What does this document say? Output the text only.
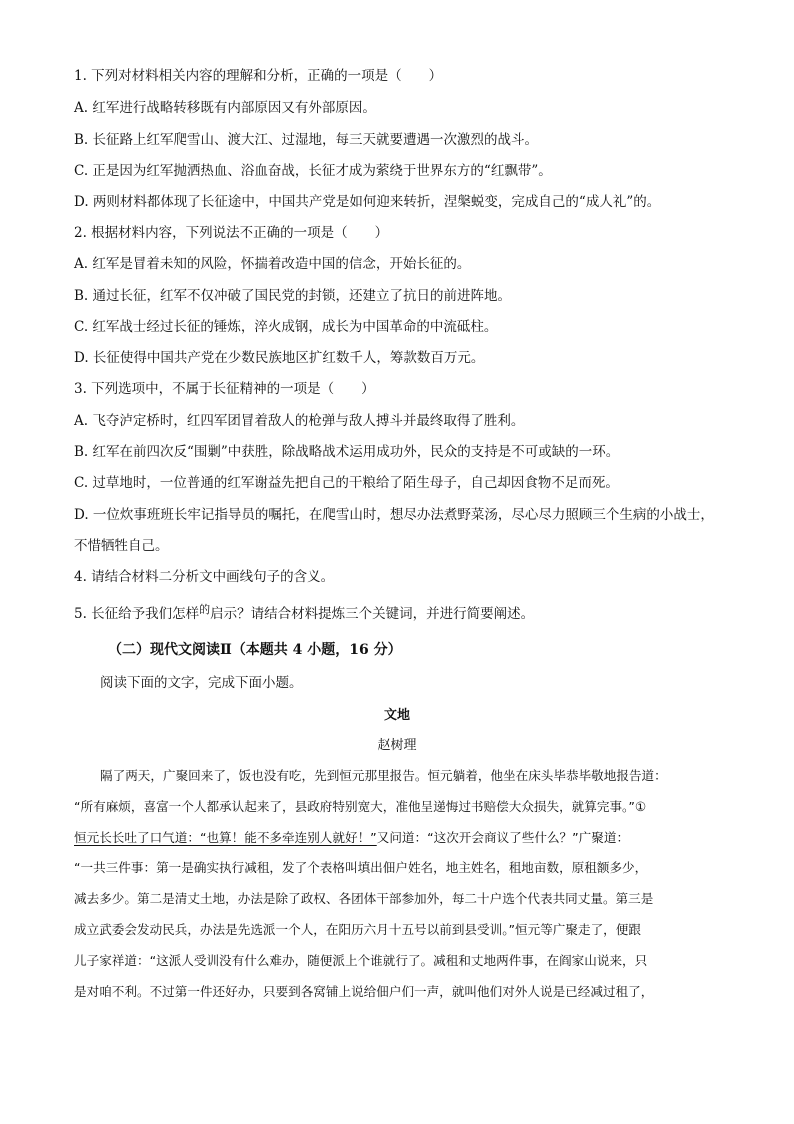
1. 下列对材料相关内容的理解和分析，正确的一项是（　　）
A. 红军进行战略转移既有内部原因又有外部原因。
B. 长征路上红军爬雪山、渡大江、过湿地，每三天就要遭遇一次激烈的战斗。
C. 正是因为红军抛洒热血、浴血奋战，长征才成为萦绕于世界东方的“红飘带”。
D. 两则材料都体现了长征途中，中国共产党是如何迎来转折，涅槃蜕变，完成自己的“成人礼”的。
2. 根据材料内容，下列说法不正确的一项是（　　）
A. 红军是冒着未知的风险，怀揣着改造中国的信念，开始长征的。
B. 通过长征，红军不仅冲破了国民党的封锁，还建立了抗日的前进阵地。
C. 红军战士经过长征的锤炼，淬火成钢，成长为中国革命的中流砥柱。
D. 长征使得中国共产党在少数民族地区扩红数千人，筹款数百万元。
3. 下列选项中，不属于长征精神的一项是（　　）
A. 飞夺泸定桥时，红四军团冒着敌人的枪弹与敌人搏斗并最终取得了胜利。
B. 红军在前四次反“围剿”中获胜，除战略战术运用成功外，民众的支持是不可或缺的一环。
C. 过草地时，一位普通的红军谢益先把自己的干粮给了陌生母子，自己却因食物不足而死。
D. 一位炊事班班长牢记指导员的嘱托，在爬雪山时，想尽办法煮野菜汤，尽心尽力照顾三个生病的小战士，
不惜牺牲自己。
4. 请结合材料二分析文中画线句子的含义。
5. 长征给予我们怎样$^的$启示？请结合材料提炼三个关键词，并进行简要阐述。
（二）现代文阅读Ⅱ（本题共 4 小题，16 分）
阅读下面的文字，完成下面小题。
文地
赵树理
隔了两天，广聚回来了，饭也没有吃，先到恒元那里报告。恒元躺着，他坐在床头毕恭毕敬地报告道：
“所有麻烦，喜富一个人都承认起来了，县政府特别宽大，准他呈递悔过书赔偿大众损失，就算完事。”①
恒元长长吐了口气道：“也算！能不多牵连别人就好！”又问道：“这次开会商议了些什么？”广聚道：
“一共三件事：第一是确实执行减租，发了个表格叫填出佃户姓名，地主姓名，租地亩数，原租额多少，
减去多少。第二是清丈土地，办法是除了政权、各团体干部参加外，每二十户选个代表共同丈量。第三是
成立武委会发动民兵，办法是先选派一个人，在阳历六月十五号以前到县受训。”恒元等广聚走了，便跟
儿子家祥道：“这派人受训没有什么难办，随便派上个谁就行了。减租和丈地两件事，在阎家山说来，只
是对咱不利。不过第一件还好办，只要到各窝铺上说给佃户们一声，就叫他们对外人说是已经减过租了，
